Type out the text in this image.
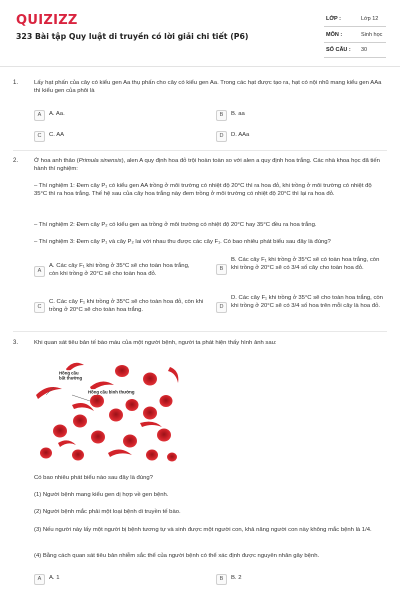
QUIZIZZ
323 Bài tập Quy luật di truyền có lời giải chi tiết (P6)
LỚP :	Lớp 12
MÔN :	Sinh học
SỐ CÂU : 30
1.	Lấy hạt phấn của cây có kiểu gen Aa thụ phấn cho cây có kiểu gen Aa. Trong các hạt được tạo ra, hạt có nội nhũ mang kiểu gen AAa thì kiểu gen của phôi là
A	A. Aa.	B	B. aa
C	C. AA	D	D. AAa
2.	Ở hoa anh thảo (Primula sinensis), alen A quy định hoa đỏ trội hoàn toàn so với alen a quy định hoa trắng. Các nhà khoa học đã tiến hành thí nghiệm:
– Thí nghiệm 1: Đem cây P₁ có kiểu gen AA trồng ở môi trường có nhiệt độ 20°C thì ra hoa đỏ, khi trồng ở môi trường có nhiệt độ 35°C thì ra hoa trắng. Thế hệ sau của cây hoa trắng này đem trồng ở môi trường có nhiệt độ 20°C thì lại ra hoa đỏ.
– Thí nghiệm 2: Đem cây P₂ có kiểu gen aa trồng ở môi trường có nhiệt độ 20°C hay 35°C đều ra hoa trắng.
– Thí nghiệm 3: Đem cây P₁ và cây P₂ lai với nhau thu được các cây F₁. Có bao nhiêu phát biểu sau đây là đúng?
A
A. Các cây F₁ khi trồng ở 35°C sẽ cho toàn hoa trắng, còn khi trồng ở 20°C sẽ cho toàn hoa đỏ.
B
B. Các cây F₁ khi trồng ở 35°C sẽ có toàn hoa trắng, còn khi trồng ở 20°C sẽ có 3/4 số cây cho toàn hoa đỏ.
C
C. Các cây F₁ khi trồng ở 35°C sẽ cho toàn hoa đỏ, còn khi trồng ở 20°C sẽ cho toàn hoa trắng.	D
D. Các cây F₁ khi trồng ở 35°C sẽ cho toàn hoa trắng, còn khi trồng ở 20°C sẽ có 3/4 số hoa trên mỗi cây là hoa đỏ.
3.	Khi quan sát tiêu bản tế bào máu của một người bệnh, người ta phát hiện thấy hình ảnh sau:
Hồng cầu
bất thường
Hồng cầu bình thường
Có bao nhiêu phát biểu nào sau đây là đúng?
(1) Người bệnh mang kiểu gen dị hợp về gen bệnh.
(2) Người bệnh mắc phải một loại bệnh di truyền tế bào.
(3) Nếu người này lấy một người bị bệnh tương tự và sinh được một người con, khả năng người con này không mắc bệnh là 1/4.
(4) Bằng cách quan sát tiêu bản nhiễm sắc thể của người bệnh có thể xác định được nguyên nhân gây bệnh.
A	A. 1	B	B. 2
